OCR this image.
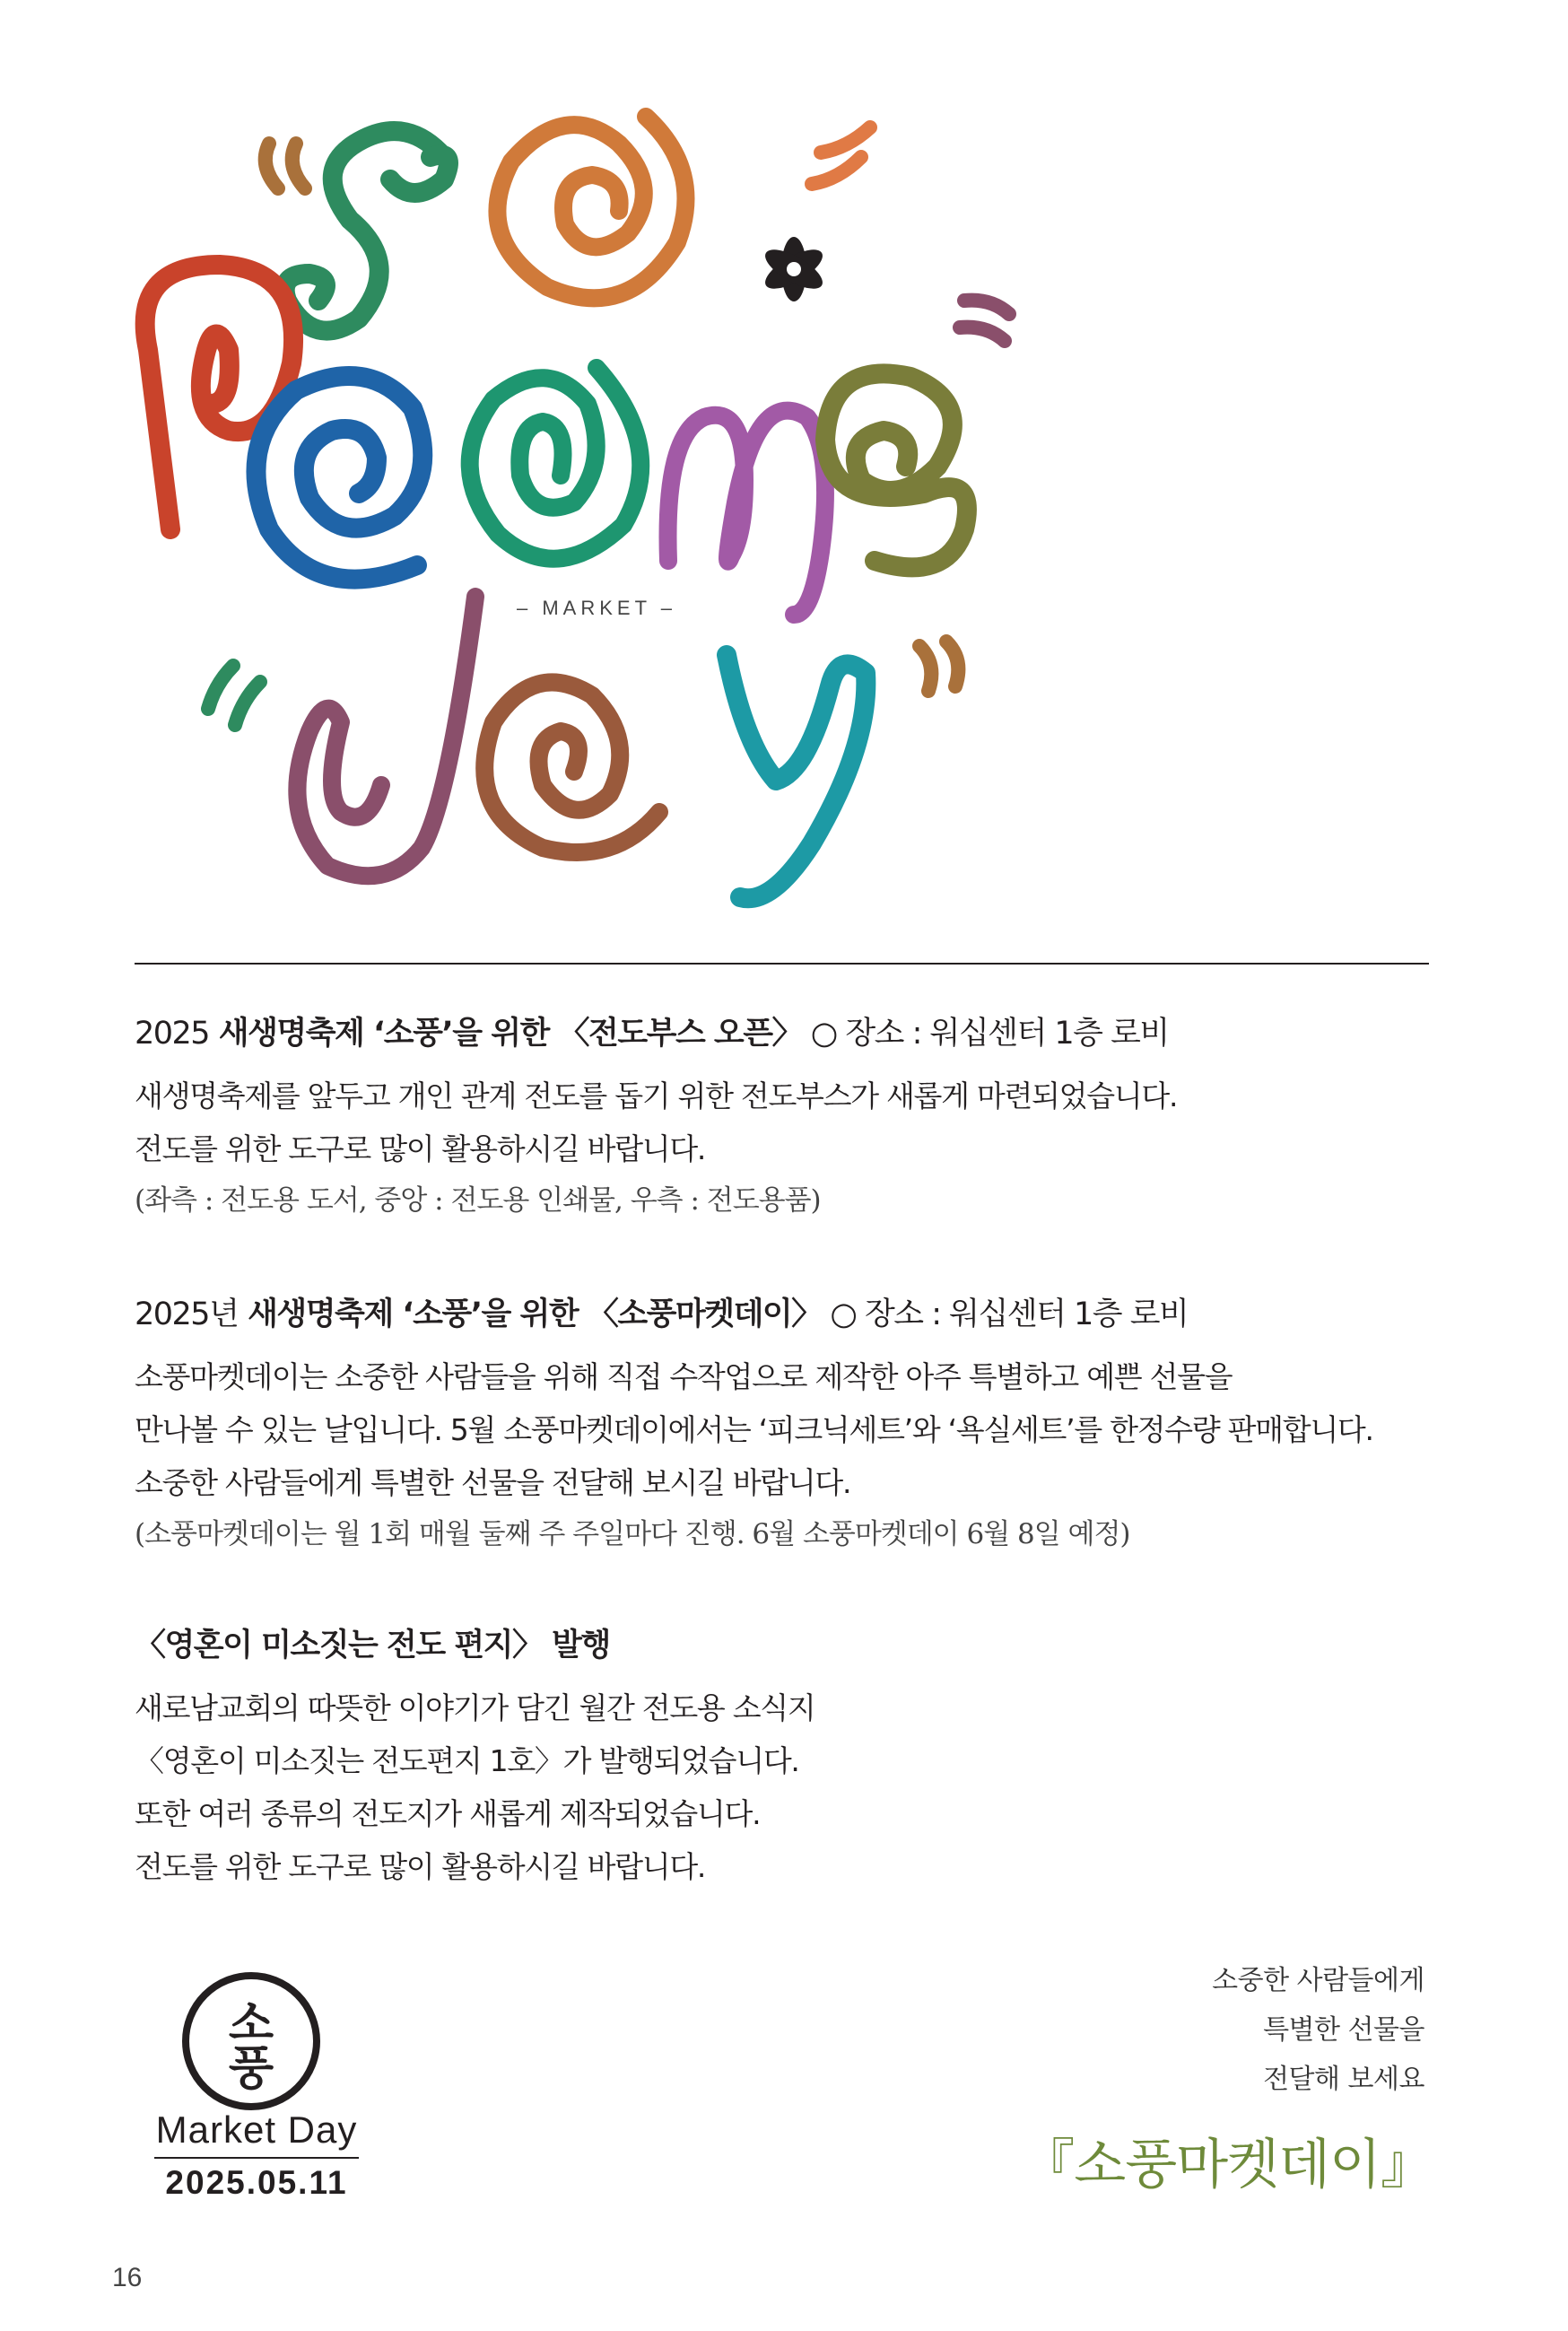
– MARKET –
2025 새생명축제 ‘소풍’을 위한 〈전도부스 오픈〉 ○ 장소 : 워십센터 1층 로비
새생명축제를 앞두고 개인 관계 전도를 돕기 위한 전도부스가 새롭게 마련되었습니다.
전도를 위한 도구로 많이 활용하시길 바랍니다.
(좌측 : 전도용 도서, 중앙 : 전도용 인쇄물, 우측 : 전도용품)
2025년 새생명축제 ‘소풍’을 위한 〈소풍마켓데이〉 ○ 장소 : 워십센터 1층 로비
소풍마켓데이는 소중한 사람들을 위해 직접 수작업으로 제작한 아주 특별하고 예쁜 선물을
만나볼 수 있는 날입니다. 5월 소풍마켓데이에서는 ‘피크닉세트’와 ‘욕실세트’를 한정수량 판매합니다.
소중한 사람들에게 특별한 선물을 전달해 보시길 바랍니다.
(소풍마켓데이는 월 1회 매월 둘째 주 주일마다 진행. 6월 소풍마켓데이 6월 8일 예정)
〈영혼이 미소짓는 전도 편지〉 발행
새로남교회의 따뜻한 이야기가 담긴 월간 전도용 소식지
〈영혼이 미소짓는 전도편지 1호〉가 발행되었습니다.
또한 여러 종류의 전도지가 새롭게 제작되었습니다.
전도를 위한 도구로 많이 활용하시길 바랍니다.
소
풍
Market Day
2025.05.11
소중한 사람들에게
특별한 선물을
전달해 보세요
『소풍마켓데이』
16
